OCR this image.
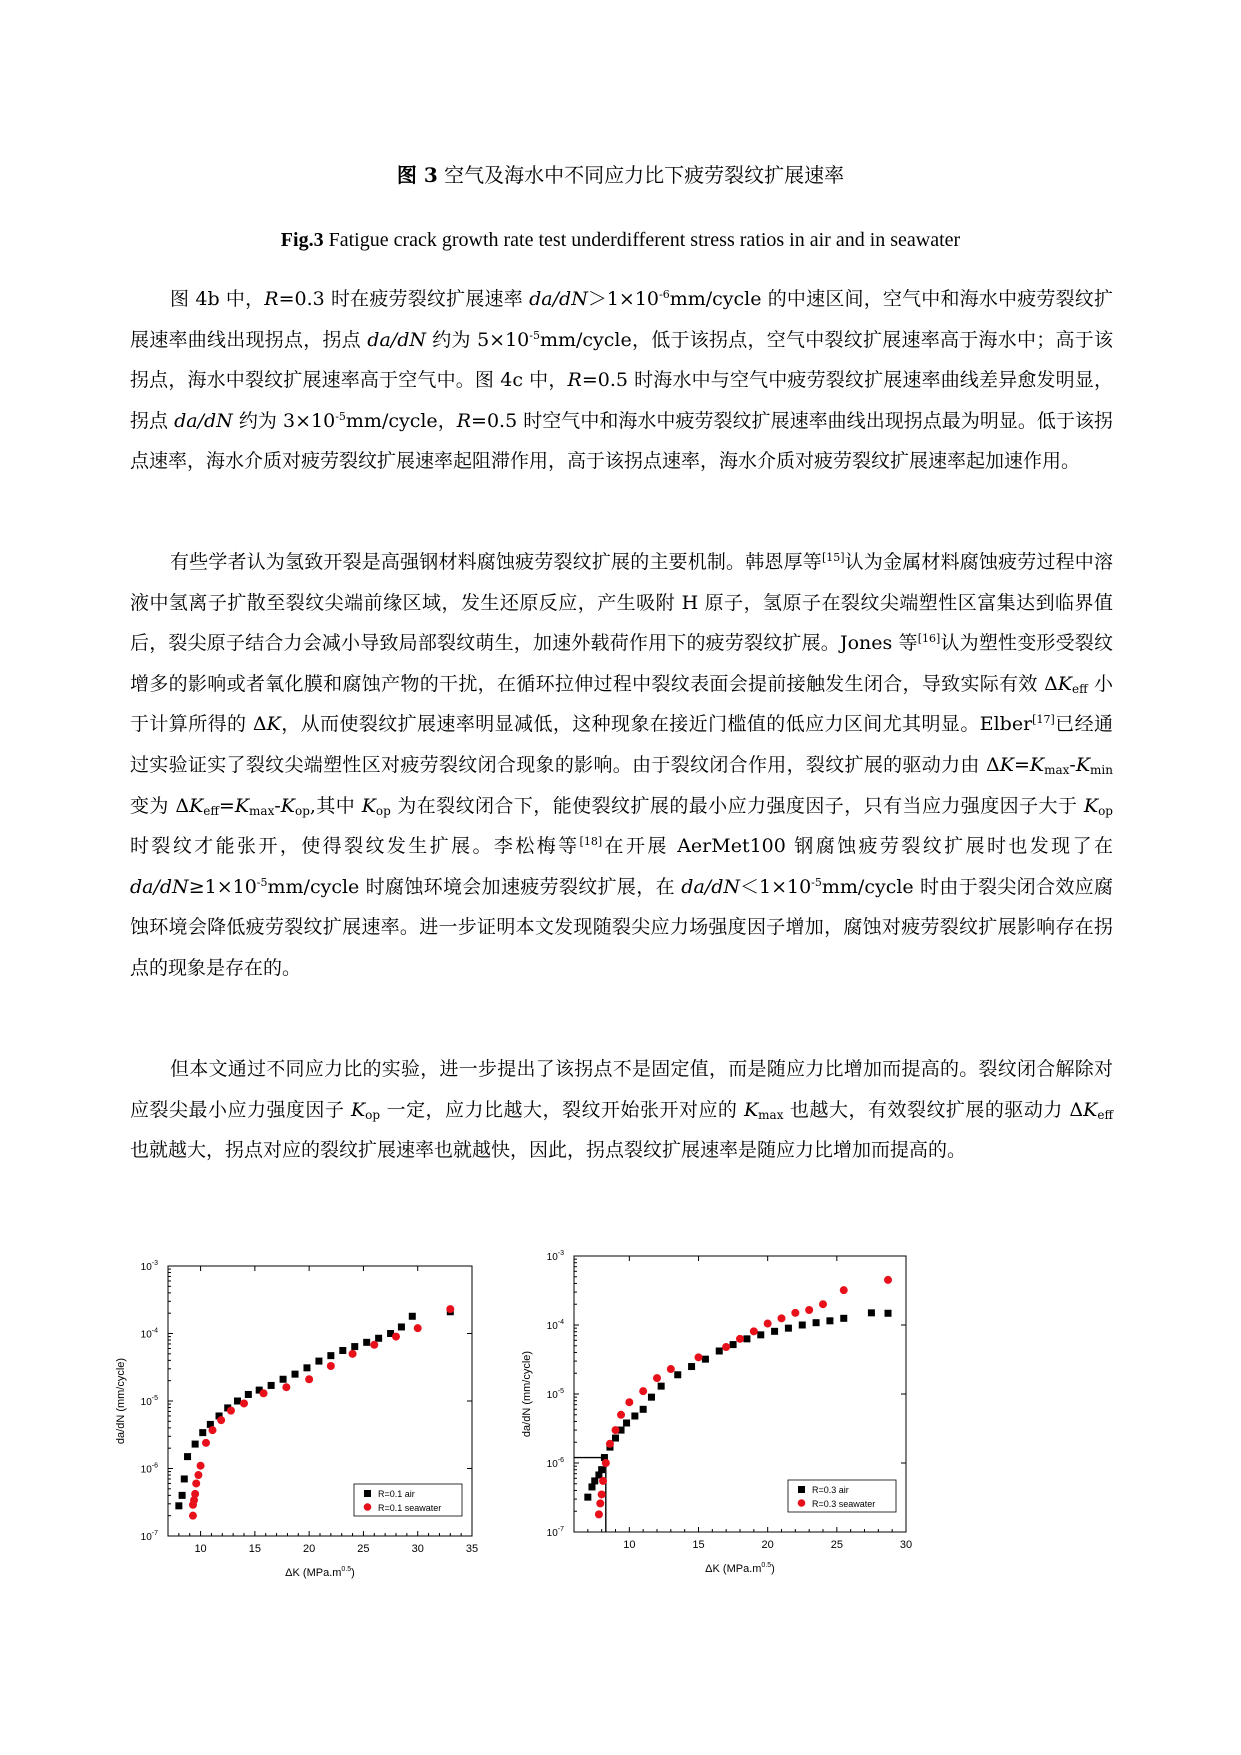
图 3 空气及海水中不同应力比下疲劳裂纹扩展速率
Fig.3 Fatigue crack growth rate test underdifferent stress ratios in air and in seawater

图 4b 中，R=0.3 时在疲劳裂纹扩展速率 $da/dN>1\times 10^{-6}mm$/cycle 的中速区间，空气中和海水中疲劳裂纹扩展速率曲线出现拐点，拐点 da/dN 约为 $5\times 10^{-5}mm$/cycle，低于该拐点，空气中裂纹扩展速率高于海水中；高于该拐点，海水中裂纹扩展速率高于空气中。图 4c 中，R=0.5 时海水中与空气中疲劳裂纹扩展速率曲线差异愈发明显，拐点 da/dN 约为 $3\times 10^{-5}mm$/cycle，R=0.5 时空气中和海水中疲劳裂纹扩展速率曲线出现拐点最为明显。低于该拐点速率，海水介质对疲劳裂纹扩展速率起阻滞作用，高于该拐点速率，海水介质对疲劳裂纹扩展速率起加速作用。

有些学者认为氢致开裂是高强钢材料腐蚀疲劳裂纹扩展的主要机制。韩恩厚等[15]认为金属材料腐蚀疲劳过程中溶液中氢离子扩散至裂纹尖端前缘区域，发生还原反应，产生吸附 H 原子，氢原子在裂纹尖端塑性区富集达到临界值后，裂尖原子结合力会减小导致局部裂纹萌生，加速外载荷作用下的疲劳裂纹扩展。Jones 等[16]认为塑性变形受裂纹增多的影响或者氧化膜和腐蚀产物的干扰，在循环拉伸过程中裂纹表面会提前接触发生闭合，导致实际有效 $\Delta K_{eff}$ 小于计算所得的 ΔK，从而使裂纹扩展速率明显减低，这种现象在接近门槛值的低应力区间尤其明显。Elber[17]已经通过实验证实了裂纹尖端塑性区对疲劳裂纹闭合现象的影响。由于裂纹闭合作用，裂纹扩展的驱动力由 $\Delta K=K_{max}-K_{min}$ 变为 $\Delta K_{eff}=K_{max}-K_{op}$,其中 $K_{op}$ 为在裂纹闭合下，能使裂纹扩展的最小应力强度因子，只有当应力强度因子大于 $K_{op}$ 时裂纹才能张开，使得裂纹发生扩展。李松梅等[18]在开展 AerMet100 钢腐蚀疲劳裂纹扩展时也发现了在 $da/dN\ge 1\times 10^{-5}mm$/cycle 时腐蚀环境会加速疲劳裂纹扩展，在 $da/dN<1\times 10^{-5}mm$/cycle 时由于裂尖闭合效应腐蚀环境会降低疲劳裂纹扩展速率。进一步证明本文发现随裂尖应力场强度因子增加，腐蚀对疲劳裂纹扩展影响存在拐点的现象是存在的。

但本文通过不同应力比的实验，进一步提出了该拐点不是固定值，而是随应力比增加而提高的。裂纹闭合解除对应裂尖最小应力强度因子 $K_{op}$ 一定，应力比越大，裂纹开始张开对应的 $K_{max}$ 也越大，有效裂纹扩展的驱动力 $\Delta K_{eff}$ 也就越大，拐点对应的裂纹扩展速率也就越快，因此，拐点裂纹扩展速率是随应力比增加而提高的。

10	15	20	25	30	35
$10^{-7}$
$10^{-6}$
$10^{-5}$
$10^{-4}$
$10^{-3}$
ΔK $(MPa.m^{0.5})$
da/dN (mm/cycle)
R=0.1 air
R=0.1 seawater
10	15	20	25	30
$10^{-7}$
$10^{-6}$
$10^{-5}$
$10^{-4}$
$10^{-3}$
ΔK $(MPa.m^{0.5})$
da/dN (mm/cycle)
R=0.3 air
R=0.3 seawater
